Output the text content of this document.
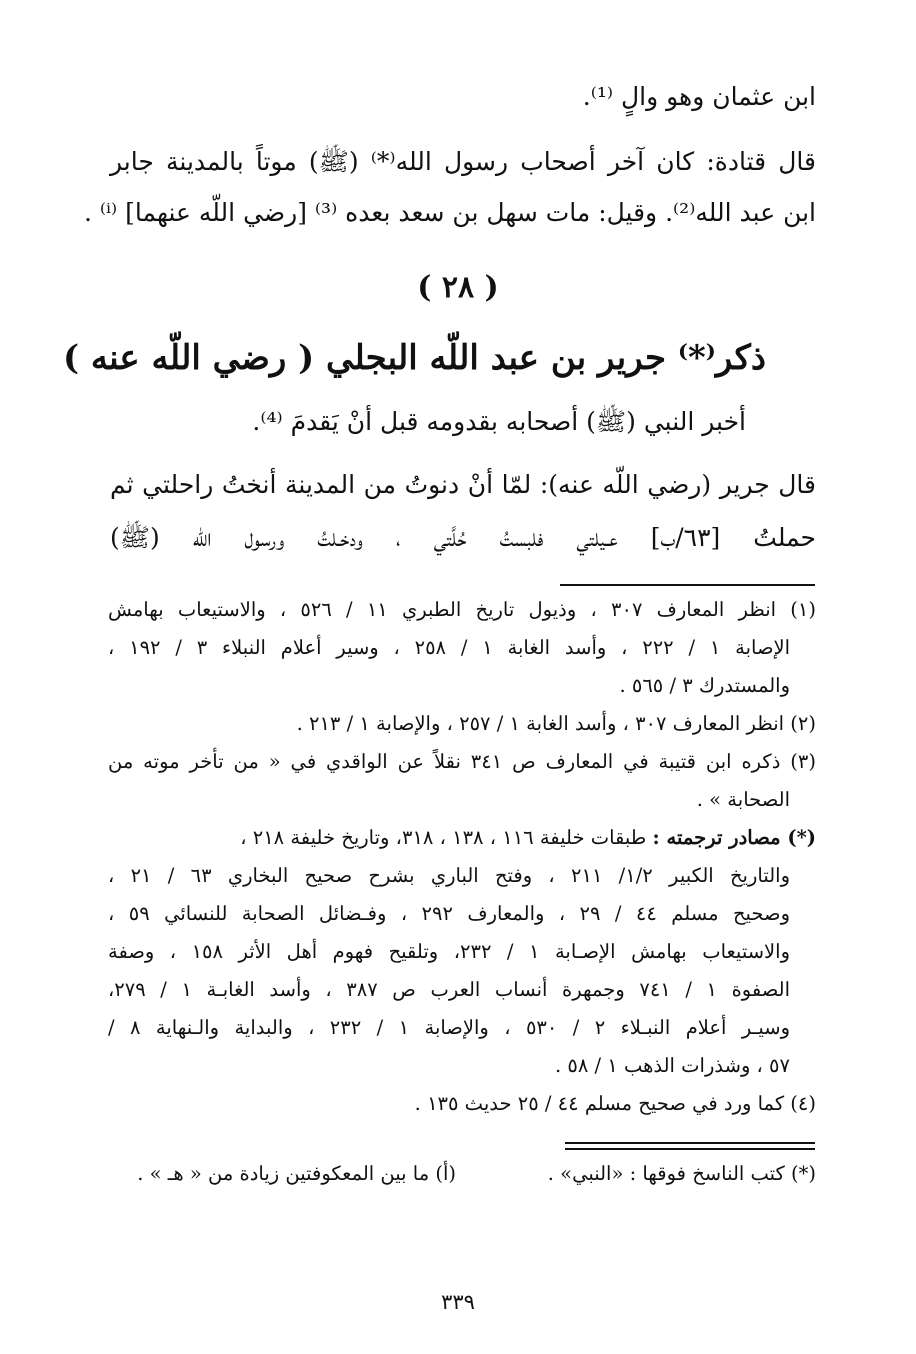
ابن عثمان وهو والٍ ⁽¹⁾.
قال قتادة: كان آخر أصحاب رسول الله⁽*⁾ (ﷺ) موتاً بالمدينة جابر
ابن عبد الله⁽²⁾. وقيل: مات سهل بن سعد بعده ⁽³⁾ [رضي اللّه عنهما] ⁽ⁱ⁾ .
( ٢٨ )
ذكر⁽*⁾ جرير بن عبد اللّه البجلي ( رضي اللّه عنه )
أخبر النبي (ﷺ) أصحابه بقدومه قبل أنْ يَقدمَ ⁽⁴⁾.
قال جرير (رضي اللّه عنه): لمّا أنْ دنوتُ من المدينة أنختُ راحلتي ثم
حملتُ [٦٣/ب] عـيلتي فلبستُ حُلَّتي ، ودخـلتُ ورسول اللّه (ﷺ)
(١) انظر المعارف ٣٠٧ ، وذيول تاريخ الطبري ١١ / ٥٢٦ ، والاستيعاب بهامش
الإصابة ١ / ٢٢٢ ، وأسد الغابة ١ / ٢٥٨ ، وسير أعلام النبلاء ٣ / ١٩٢ ،
والمستدرك ٣ / ٥٦٥ .
(٢) انظر المعارف ٣٠٧ ، وأسد الغابة ١ / ٢٥٧ ، والإصابة ١ / ٢١٣ .
(٣) ذكره ابن قتيبة في المعارف ص ٣٤١ نقلاً عن الواقدي في « من تأخر موته من
الصحابة » .
(*) مصادر ترجمته : طبقات خليفة ١١٦ ، ١٣٨ ، ٣١٨، وتاريخ خليفة ٢١٨ ،
والتاريخ الكبير ١/٢/ ٢١١ ، وفتح الباري بشرح صحيح البخاري ٦٣ / ٢١ ،
وصحيح مسلم ٤٤ / ٢٩ ، والمعارف ٢٩٢ ، وفـضائل الصحابة للنسائي ٥٩ ،
والاستيعاب بهامش الإصـابة ١ / ٢٣٢، وتلقيح فهوم أهل الأثر ١٥٨ ، وصفة
الصفوة ١ / ٧٤١ وجمهرة أنساب العرب ص ٣٨٧ ، وأسد الغابـة ١ / ٢٧٩،
وسيـر أعلام النبـلاء ٢ / ٥٣٠ ، والإصابة ١ / ٢٣٢ ، والبداية والـنهاية ٨ /
٥٧ ، وشذرات الذهب ١ / ٥٨ .
(٤) كما ورد في صحيح مسلم ٤٤ / ٢٥ حديث ١٣٥ .
(*) كتب الناسخ فوقها : «النبي» .
(أ) ما بين المعكوفتين زيادة من « هـ » .
٣٣٩
